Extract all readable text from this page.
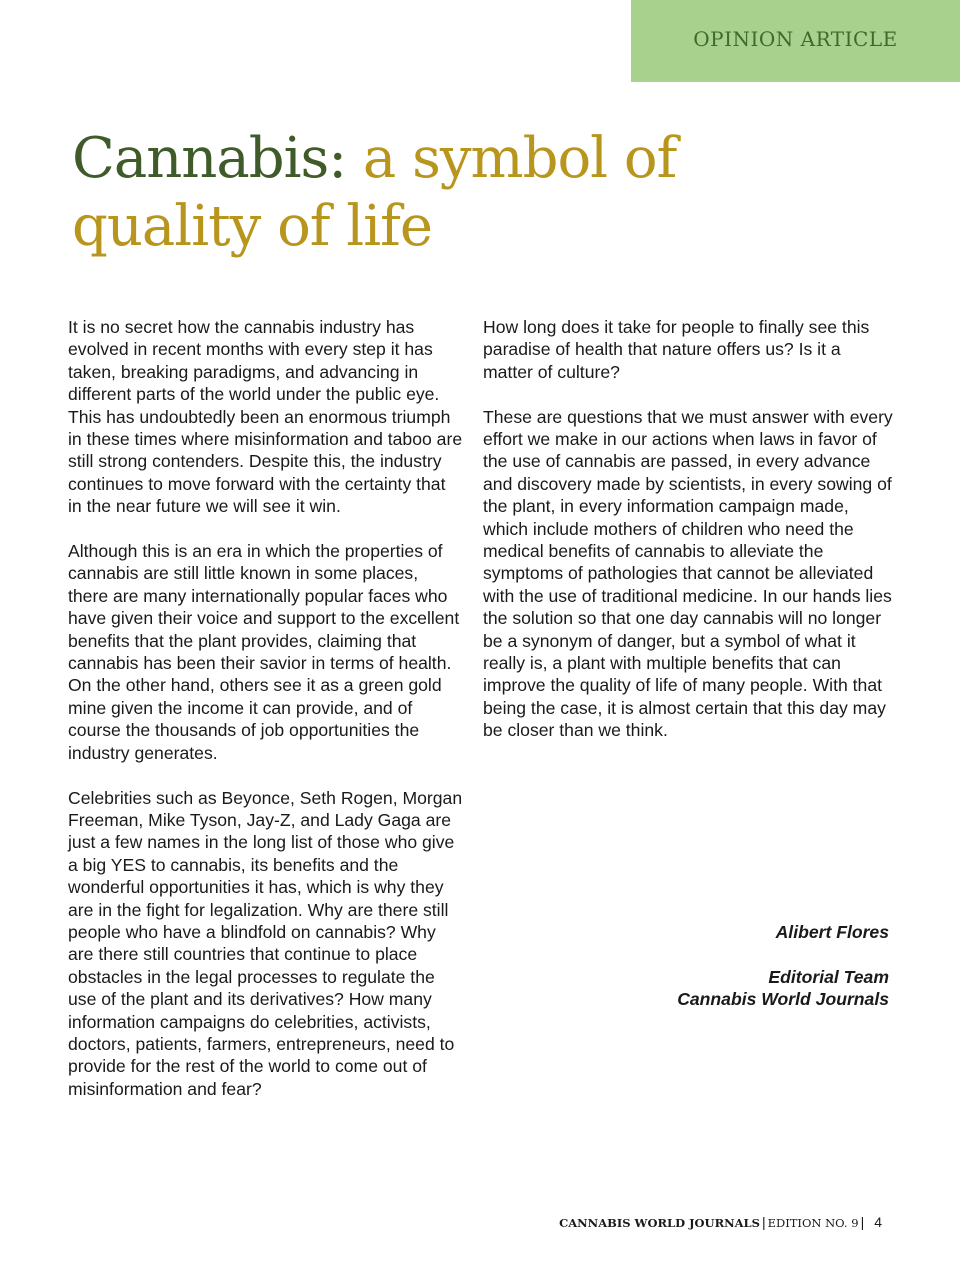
OPINION ARTICLE
Cannabis: a symbol of quality of life

It is no secret how the cannabis industry has evolved in recent months with every step it has taken, breaking paradigms, and advancing in different parts of the world under the public eye. This has undoubtedly been an enormous triumph in these times where misinformation and taboo are still strong contenders. Despite this, the industry continues to move forward with the certainty that in the near future we will see it win.

Although this is an era in which the properties of cannabis are still little known in some places, there are many internationally popular faces who have given their voice and support to the excellent benefits that the plant provides, claiming that cannabis has been their savior in terms of health. On the other hand, others see it as a green gold mine given the income it can provide, and of course the thousands of job opportunities the industry generates.

Celebrities such as Beyonce, Seth Rogen, Morgan Freeman, Mike Tyson, Jay-Z, and Lady Gaga are just a few names in the long list of those who give a big YES to cannabis, its benefits and the wonderful opportunities it has, which is why they are in the fight for legalization. Why are there still people who have a blindfold on cannabis? Why are there still countries that continue to place obstacles in the legal processes to regulate the use of the plant and its derivatives? How many information campaigns do celebrities, activists, doctors, patients, farmers, entrepreneurs, need to provide for the rest of the world to come out of misinformation and fear?

How long does it take for people to finally see this paradise of health that nature offers us? Is it a matter of culture?

These are questions that we must answer with every effort we make in our actions when laws in favor of the use of cannabis are passed, in every advance and discovery made by scientists, in every sowing of the plant, in every information campaign made, which include mothers of children who need the medical benefits of cannabis to alleviate the symptoms of pathologies that cannot be alleviated with the use of traditional medicine. In our hands lies the solution so that one day cannabis will no longer be a synonym of danger, but a symbol of what it really is, a plant with multiple benefits that can improve the quality of life of many people. With that being the case, it is almost certain that this day may be closer than we think.

Alibert Flores
Editorial Team
Cannabis World Journals
CANNABIS WORLD JOURNALS | EDITION NO. 9 | 4
